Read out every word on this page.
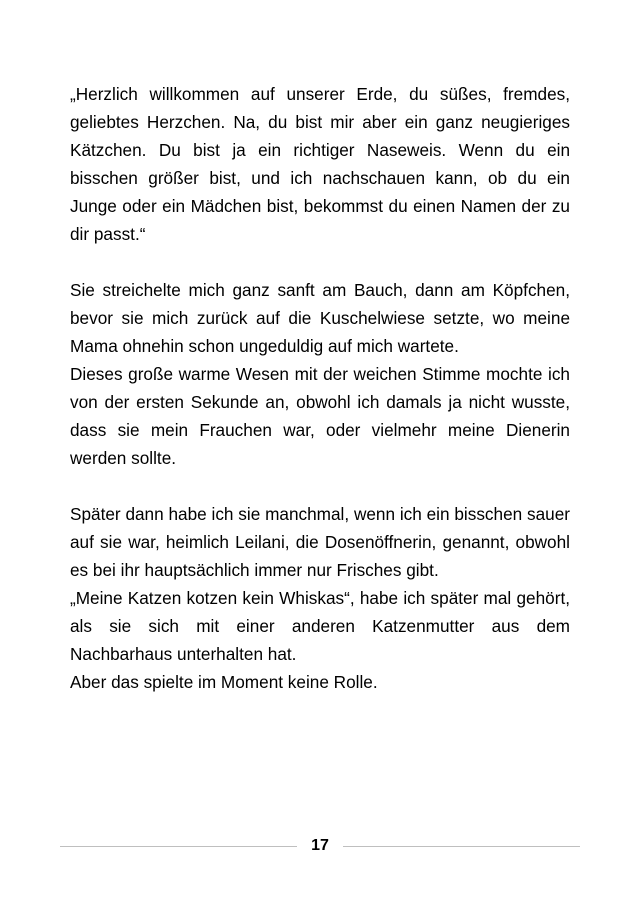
„Herzlich willkommen auf unserer Erde, du süßes, fremdes, geliebtes Herzchen. Na, du bist mir aber ein ganz neugieriges Kätzchen. Du bist ja ein richtiger Naseweis. Wenn du ein bisschen größer bist, und ich nachschauen kann, ob du ein Junge oder ein Mädchen bist, bekommst du einen Namen der zu dir passt.“

Sie streichelte mich ganz sanft am Bauch, dann am Köpfchen, bevor sie mich zurück auf die Kuschelwiese setzte, wo meine Mama ohnehin schon ungeduldig auf mich wartete.

Dieses große warme Wesen mit der weichen Stimme mochte ich von der ersten Sekunde an, obwohl ich damals ja nicht wusste, dass sie mein Frauchen war, oder vielmehr meine Dienerin werden sollte.

Später dann habe ich sie manchmal, wenn ich ein bisschen sauer auf sie war, heimlich Leilani, die Dosenöffnerin, genannt, obwohl es bei ihr hauptsächlich immer nur Frisches gibt.

„Meine Katzen kotzen kein Whiskas“, habe ich später mal gehört, als sie sich mit einer anderen Katzenmutter aus dem Nachbarhaus unterhalten hat.

Aber das spielte im Moment keine Rolle.

17
